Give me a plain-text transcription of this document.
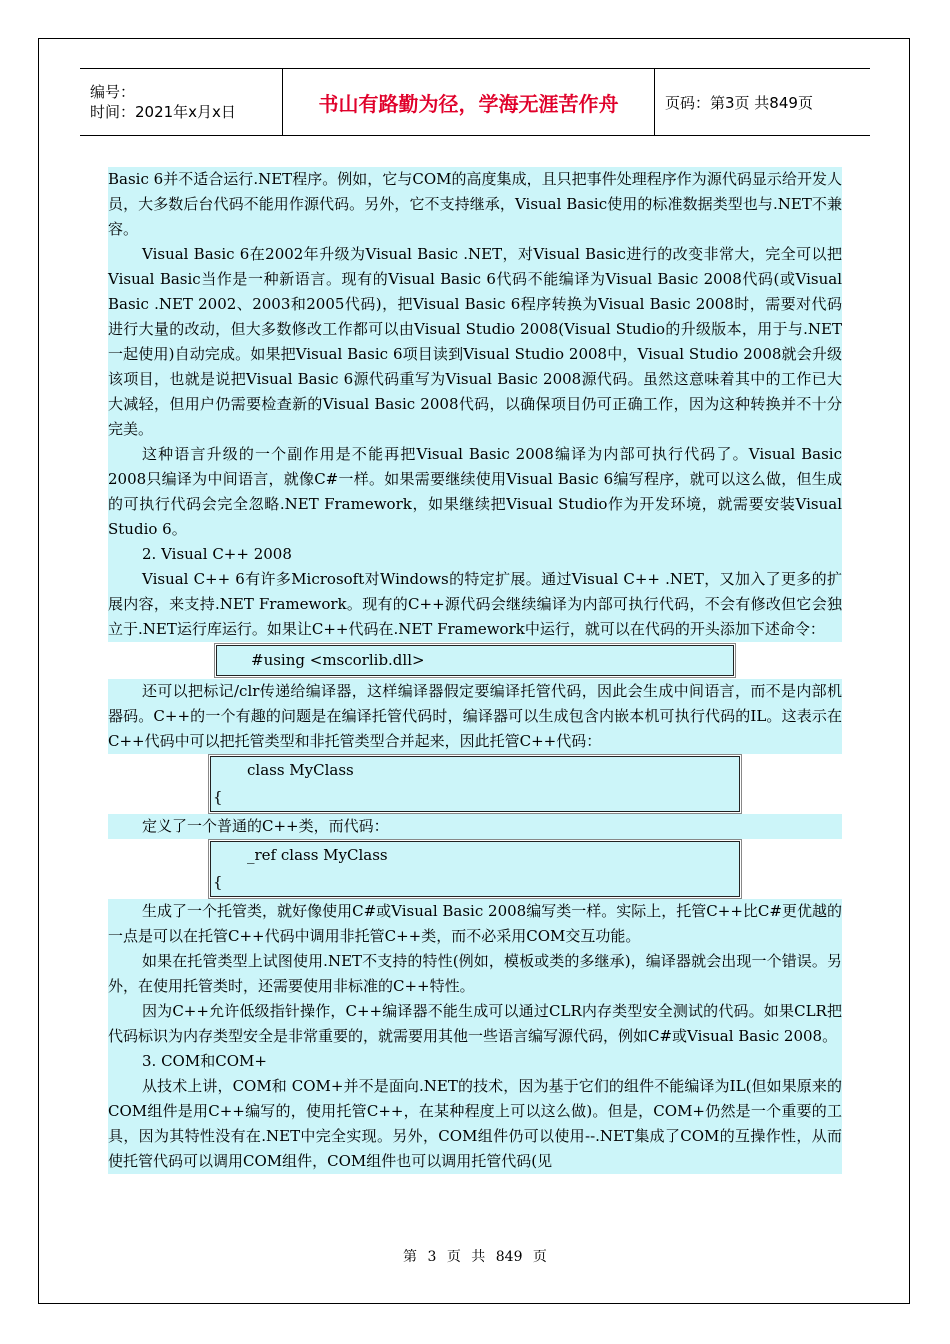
编号：
时间：2021年x月x日	书山有路勤为径，学海无涯苦作舟	页码：第3页 共849页

Basic 6并不适合运行.NET程序。例如，它与COM的高度集成，且只把事件处理程序作为源代码显示给开发人员，大多数后台代码不能用作源代码。另外，它不支持继承，Visual Basic使用的标准数据类型也与.NET不兼容。

Visual Basic 6在2002年升级为Visual Basic .NET，对Visual Basic进行的改变非常大，完全可以把Visual Basic当作是一种新语言。现有的Visual Basic 6代码不能编译为Visual Basic 2008代码(或Visual Basic .NET 2002、2003和2005代码)，把Visual Basic 6程序转换为Visual Basic 2008时，需要对代码进行大量的改动，但大多数修改工作都可以由Visual Studio 2008(Visual Studio的升级版本，用于与.NET一起使用)自动完成。如果把Visual Basic 6项目读到Visual Studio 2008中，Visual Studio 2008就会升级该项目，也就是说把Visual Basic 6源代码重写为Visual Basic 2008源代码。虽然这意味着其中的工作已大大减轻，但用户仍需要检查新的Visual Basic 2008代码，以确保项目仍可正确工作，因为这种转换并不十分完美。

这种语言升级的一个副作用是不能再把Visual Basic 2008编译为内部可执行代码了。Visual Basic 2008只编译为中间语言，就像C#一样。如果需要继续使用Visual Basic 6编写程序，就可以这么做，但生成的可执行代码会完全忽略.NET Framework，如果继续把Visual Studio作为开发环境，就需要安装Visual Studio 6。

2. Visual C++ 2008

Visual C++ 6有许多Microsoft对Windows的特定扩展。通过Visual C++ .NET，又加入了更多的扩展内容，来支持.NET Framework。现有的C++源代码会继续编译为内部可执行代码，不会有修改但它会独立于.NET运行库运行。如果让C++代码在.NET Framework中运行，就可以在代码的开头添加下述命令：

#using <mscorlib.dll>

还可以把标记/clr传递给编译器，这样编译器假定要编译托管代码，因此会生成中间语言，而不是内部机器码。C++的一个有趣的问题是在编译托管代码时，编译器可以生成包含内嵌本机可执行代码的IL。这表示在C++代码中可以把托管类型和非托管类型合并起来，因此托管C++代码：

class MyClass

{

定义了一个普通的C++类，而代码：

_ref class MyClass

{

生成了一个托管类，就好像使用C#或Visual Basic 2008编写类一样。实际上，托管C++比C#更优越的一点是可以在托管C++代码中调用非托管C++类，而不必采用COM交互功能。

如果在托管类型上试图使用.NET不支持的特性(例如，模板或类的多继承)，编译器就会出现一个错误。另外，在使用托管类时，还需要使用非标准的C++特性。

因为C++允许低级指针操作，C++编译器不能生成可以通过CLR内存类型安全测试的代码。如果CLR把代码标识为内存类型安全是非常重要的，就需要用其他一些语言编写源代码，例如C#或Visual Basic 2008。

3. COM和COM+

从技术上讲，COM和 COM+并不是面向.NET的技术，因为基于它们的组件不能编译为IL(但如果原来的COM组件是用C++编写的，使用托管C++，在某种程度上可以这么做)。但是，COM+仍然是一个重要的工具，因为其特性没有在.NET中完全实现。另外，COM组件仍可以使用--.NET集成了COM的互操作性，从而使托管代码可以调用COM组件，COM组件也可以调用托管代码(见

第 3 页 共 849 页
